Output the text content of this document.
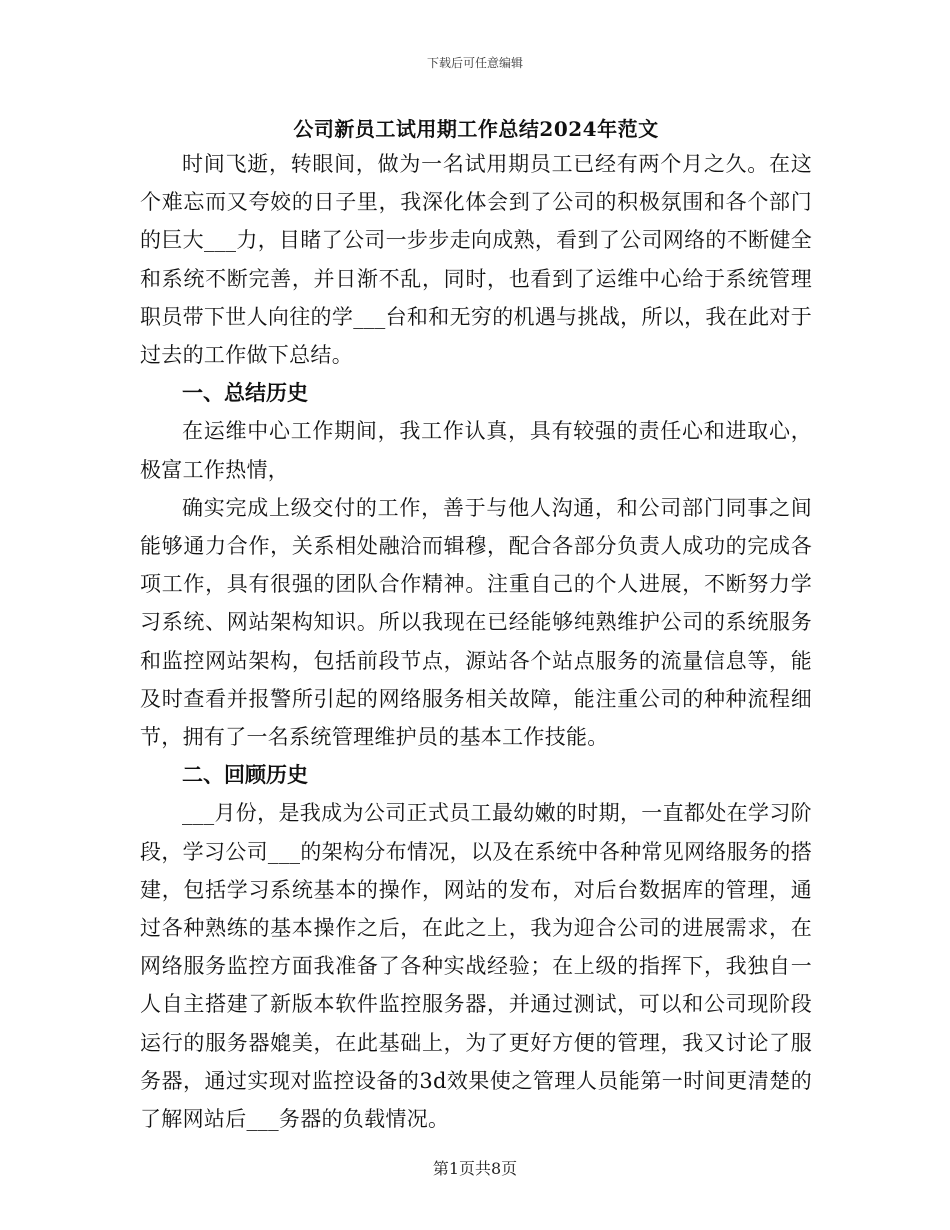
下载后可任意编辑
公司新员工试用期工作总结2024年范文

时间飞逝，转眼间，做为一名试用期员工已经有两个月之久。在这个难忘而又夸姣的日子里，我深化体会到了公司的积极氛围和各个部门的巨大___力，目睹了公司一步步走向成熟，看到了公司网络的不断健全和系统不断完善，并日渐不乱，同时，也看到了运维中心给于系统管理职员带下世人向往的学___台和和无穷的机遇与挑战，所以，我在此对于过去的工作做下总结。

一、总结历史

在运维中心工作期间，我工作认真，具有较强的责任心和进取心，极富工作热情，

确实完成上级交付的工作，善于与他人沟通，和公司部门同事之间能够通力合作，关系相处融洽而辑穆，配合各部分负责人成功的完成各项工作，具有很强的团队合作精神。注重自己的个人进展，不断努力学习系统、网站架构知识。所以我现在已经能够纯熟维护公司的系统服务和监控网站架构，包括前段节点，源站各个站点服务的流量信息等，能及时查看并报警所引起的网络服务相关故障，能注重公司的种种流程细节，拥有了一名系统管理维护员的基本工作技能。

二、回顾历史

___月份，是我成为公司正式员工最幼嫩的时期，一直都处在学习阶段，学习公司___的架构分布情况，以及在系统中各种常见网络服务的搭建，包括学习系统基本的操作，网站的发布，对后台数据库的管理，通过各种熟练的基本操作之后，在此之上，我为迎合公司的进展需求，在网络服务监控方面我准备了各种实战经验；在上级的指挥下，我独自一人自主搭建了新版本软件监控服务器，并通过测试，可以和公司现阶段运行的服务器媲美，在此基础上，为了更好方便的管理，我又讨论了服务器，通过实现对监控设备的3d效果使之管理人员能第一时间更清楚的了解网站后___务器的负载情况。

第1页共8页
